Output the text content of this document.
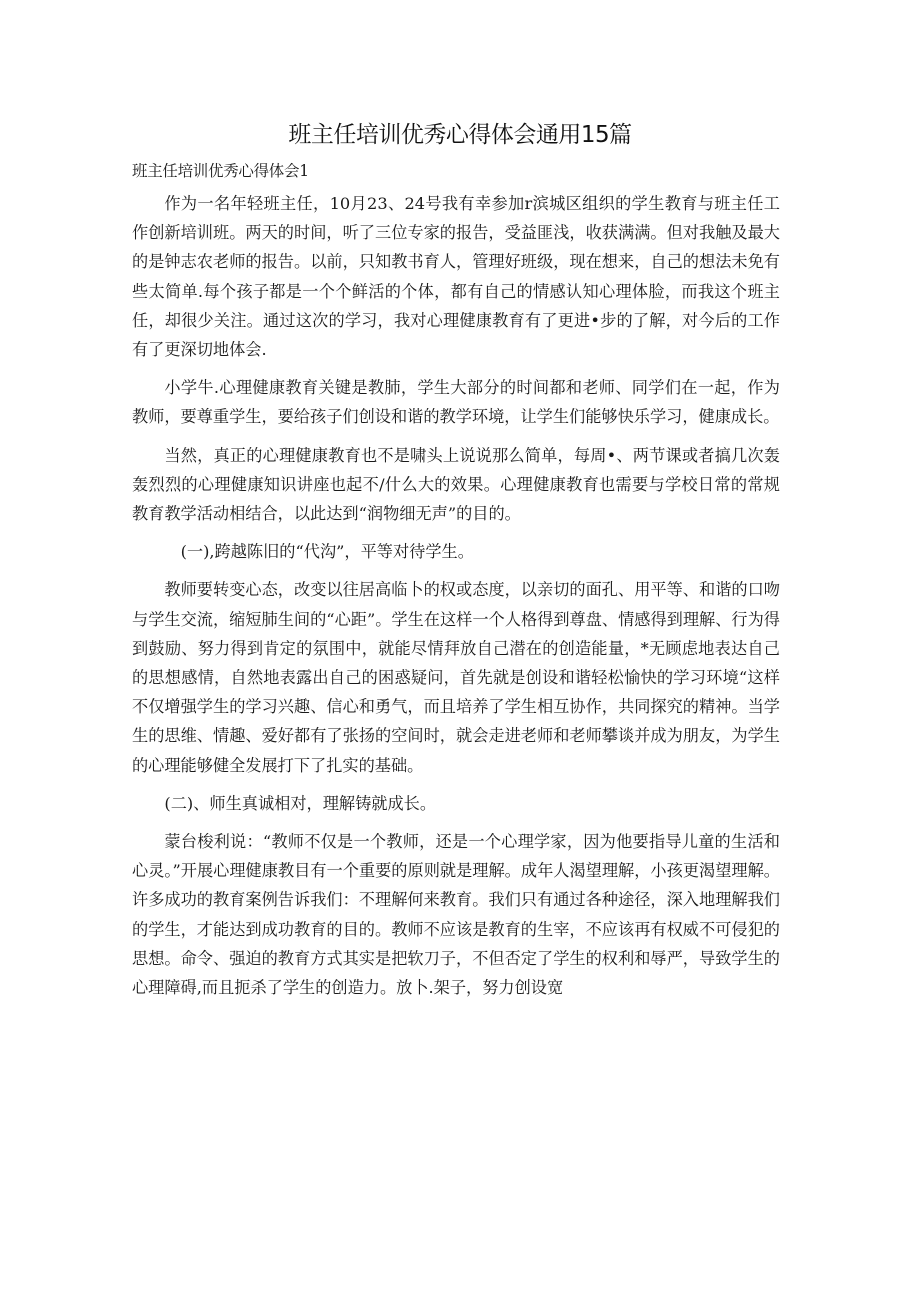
班主任培训优秀心得体会通用15篇
班主任培训优秀心得体会1

作为一名年轻班主任，10月23、24号我有幸参加r滨城区组织的学生教育与班主任工作创新培训班。两天的时间，听了三位专家的报告，受益匪浅，收获满满。但对我触及最大的是钟志农老师的报告。以前，只知教书育人，管理好班级，现在想来，自己的想法未免有些太简单.每个孩子都是一个个鲜活的个体，都有自己的情感认知心理体脸，而我这个班主任，却很少关注。通过这次的学习，我对心理健康教育有了更进•步的了解，对今后的工作有了更深切地体会.

小学牛.心理健康教育关键是教肺，学生大部分的时间都和老师、同学们在一起，作为教师，要尊重学生，要给孩子们创设和谐的教学环境，让学生们能够快乐学习，健康成长。

当然，真正的心理健康教育也不是啸头上说说那么简单，每周•、两节课或者搞几次轰轰烈烈的心理健康知识讲座也起不/什么大的效果。心理健康教育也需要与学校日常的常规教育教学活动相结合，以此达到“润物细无声”的目的。

(一),跨越陈旧的“代沟”，平等对待学生。

教师要转变心态，改变以往居高临卜的权或态度，以亲切的面孔、用平等、和谐的口吻与学生交流，缩短肺生间的“心距”。学生在这样一个人格得到尊盘、情感得到理解、行为得到鼓励、努力得到肯定的氛围中，就能尽情拜放自己潜在的创造能量，*无顾虑地表达自己的思想感情，自然地表露出自己的困惑疑问，首先就是创设和谐轻松愉快的学习环境“这样不仅增强学生的学习兴趣、信心和勇气，而且培养了学生相互协作，共同探究的精神。当学生的思维、情趣、爱好都有了张扬的空间时，就会走进老师和老师攀谈并成为朋友，为学生的心理能够健全发展打下了扎实的基础。

(二)、师生真诚相对，理解铸就成长。

蒙台梭利说：“教师不仅是一个教师，还是一个心理学家，因为他要指导儿童的生活和心灵。”开展心理健康教目有一个重要的原则就是理解。成年人渴望理解，小孩更渴望理解。许多成功的教育案例告诉我们：不理解何来教育。我们只有通过各种途径，深入地理解我们的学生，才能达到成功教育的目的。教师不应该是教育的生宰，不应该再有权威不可侵犯的思想。命令、强迫的教育方式其实是把软刀子，不但否定了学生的权利和辱严，导致学生的心理障碍,而且扼杀了学生的创造力。放卜.架子，努力创设宽
